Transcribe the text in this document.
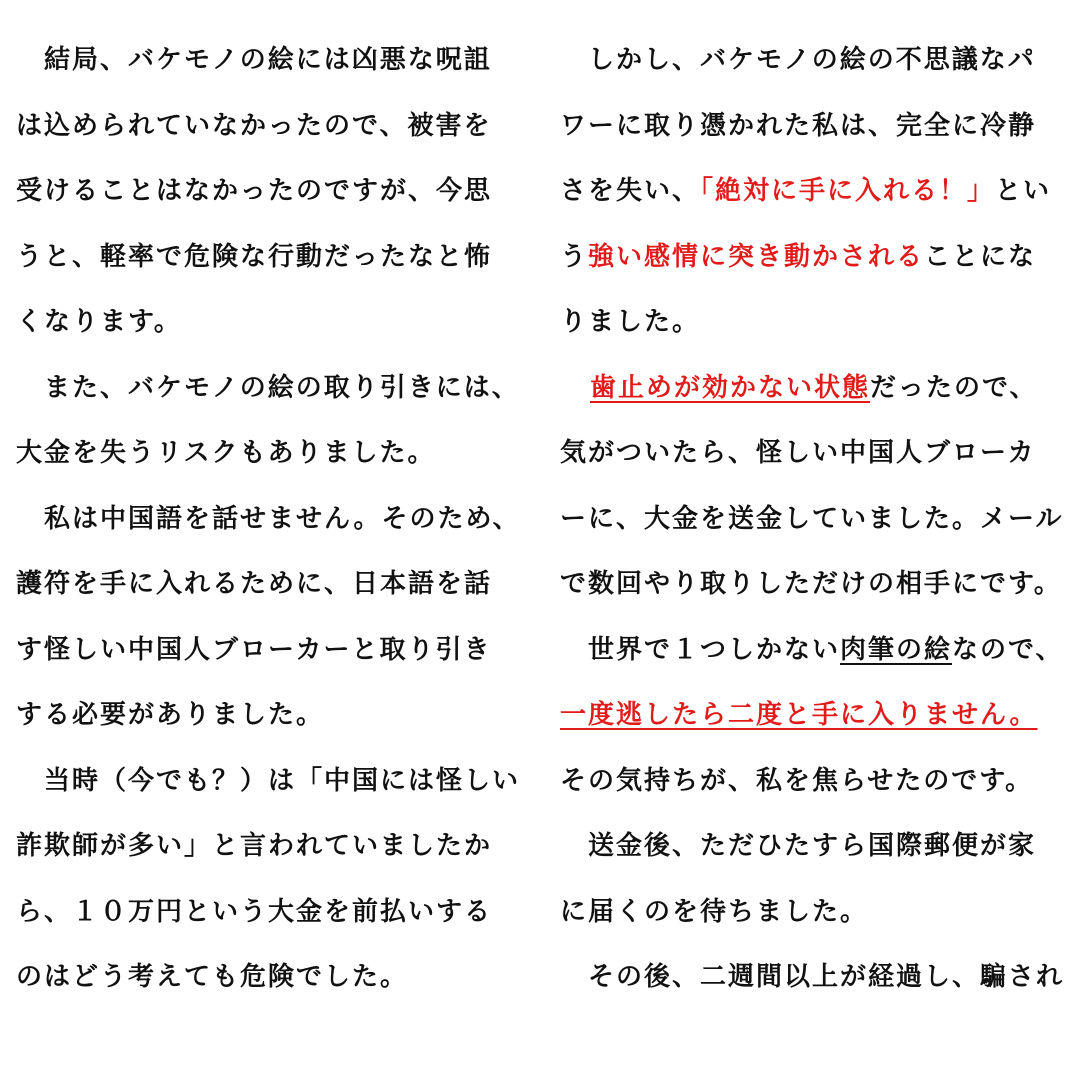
　結局、バケモノの絵には凶悪な呪詛
は込められていなかったので、被害を
受けることはなかったのですが、今思
うと、軽率で危険な行動だったなと怖
くなります。
　また、バケモノの絵の取り引きには、
大金を失うリスクもありました。
　私は中国語を話せません。そのため、
護符を手に入れるために、日本語を話
す怪しい中国人ブローカーと取り引き
する必要がありました。
　当時（今でも？）は「中国には怪しい
詐欺師が多い」と言われていましたか
ら、１０万円という大金を前払いする
のはどう考えても危険でした。
　しかし、バケモノの絵の不思議なパ
ワーに取り憑かれた私は、完全に冷静
さを失い、「絶対に手に入れる！」とい
う強い感情に突き動かされることにな
りました。
歯止めが効かない状態だったので、
気がついたら、怪しい中国人ブローカ
ーに、大金を送金していました。メール
で数回やり取りしただけの相手にです。
　世界で１つしかない肉筆の絵なので、
一度逃したら二度と手に入りません。
その気持ちが、私を焦らせたのです。
　送金後、ただひたすら国際郵便が家
に届くのを待ちました。
　その後、二週間以上が経過し、騙され
